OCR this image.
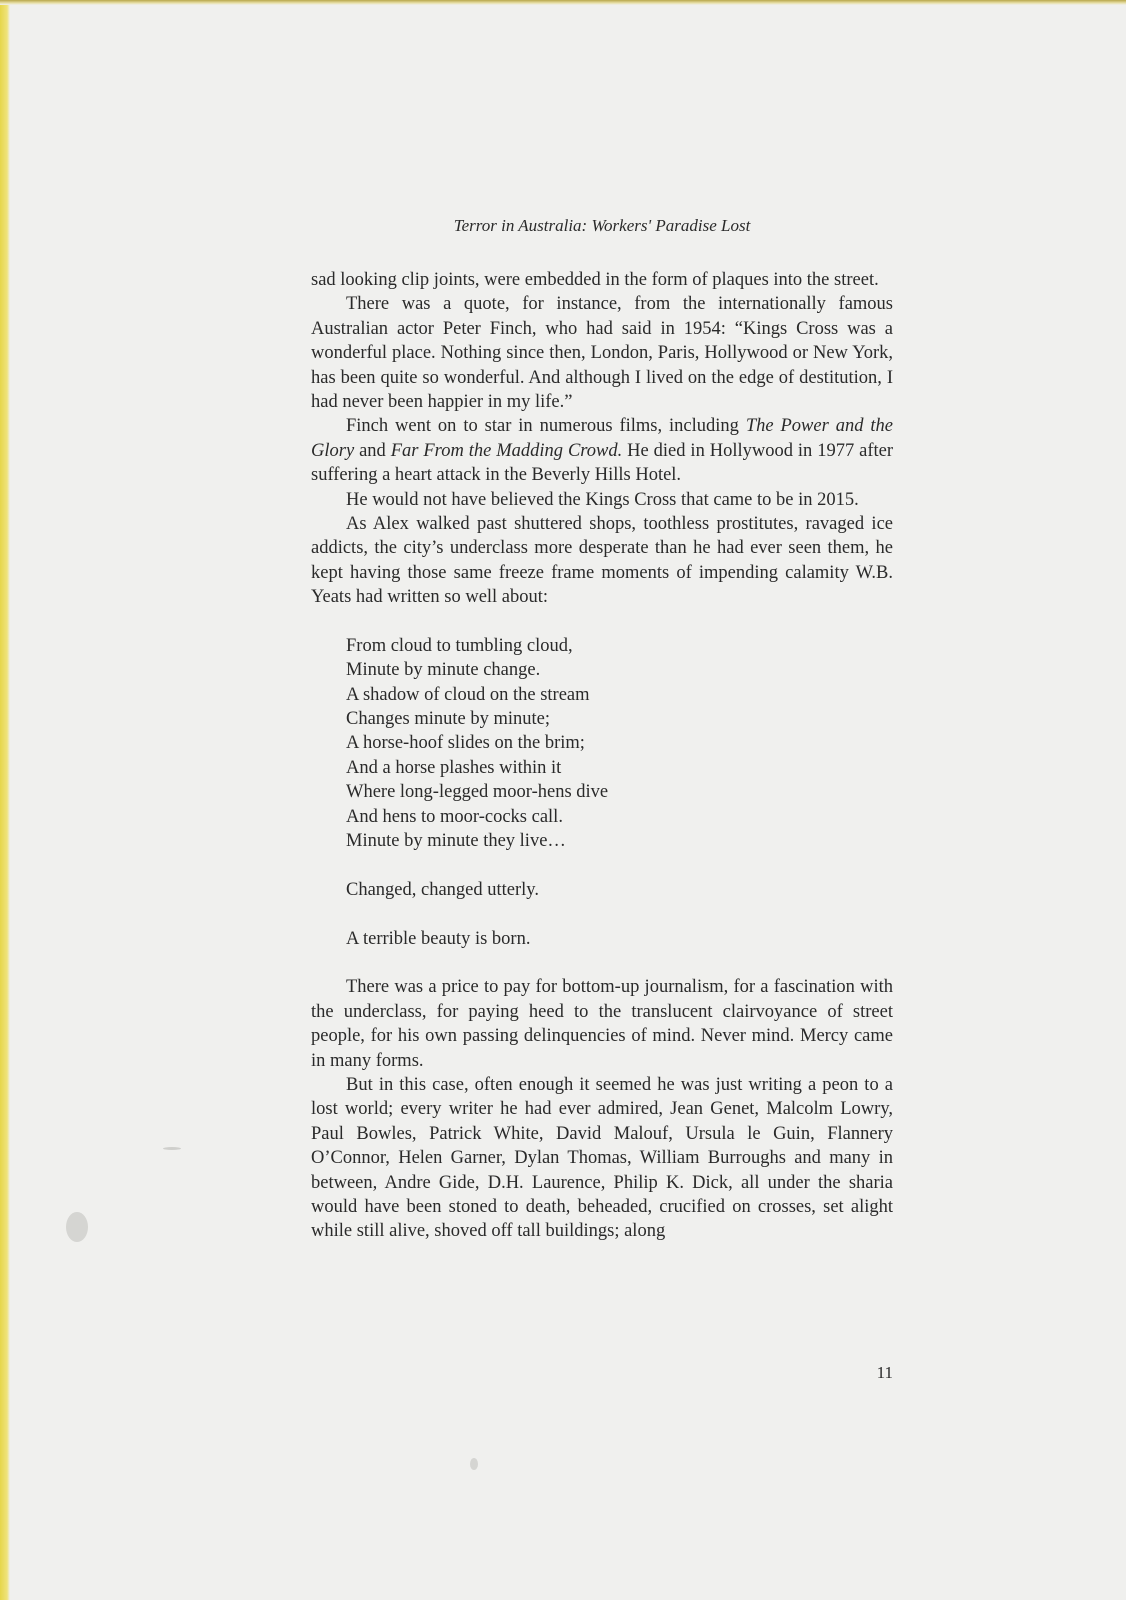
Terror in Australia: Workers' Paradise Lost

sad looking clip joints, were embedded in the form of plaques into the street.

There was a quote, for instance, from the internationally famous Australian actor Peter Finch, who had said in 1954: “Kings Cross was a wonderful place. Nothing since then, London, Paris, Hollywood or New York, has been quite so wonderful. And although I lived on the edge of destitution, I had never been happier in my life.”

Finch went on to star in numerous films, including The Power and the Glory and Far From the Madding Crowd. He died in Hollywood in 1977 after suffering a heart attack in the Beverly Hills Hotel.

He would not have believed the Kings Cross that came to be in 2015.

As Alex walked past shuttered shops, toothless prostitutes, ravaged ice addicts, the city’s underclass more desperate than he had ever seen them, he kept having those same freeze frame moments of impending calamity W.B. Yeats had written so well about:

From cloud to tumbling cloud,

Minute by minute change.

A shadow of cloud on the stream

Changes minute by minute;

A horse-hoof slides on the brim;

And a horse plashes within it

Where long-legged moor-hens dive

And hens to moor-cocks call.

Minute by minute they live…

Changed, changed utterly.

A terrible beauty is born.

There was a price to pay for bottom-up journalism, for a fascination with the underclass, for paying heed to the translucent clairvoyance of street people, for his own passing delinquencies of mind. Never mind. Mercy came in many forms.

But in this case, often enough it seemed he was just writing a peon to a lost world; every writer he had ever admired, Jean Genet, Malcolm Lowry, Paul Bowles, Patrick White, David Malouf, Ursula le Guin, Flannery O’Connor, Helen Garner, Dylan Thomas, William Burroughs and many in between, Andre Gide, D.H. Laurence, Philip K. Dick, all under the sharia would have been stoned to death, beheaded, crucified on crosses, set alight while still alive, shoved off tall buildings; along

11
